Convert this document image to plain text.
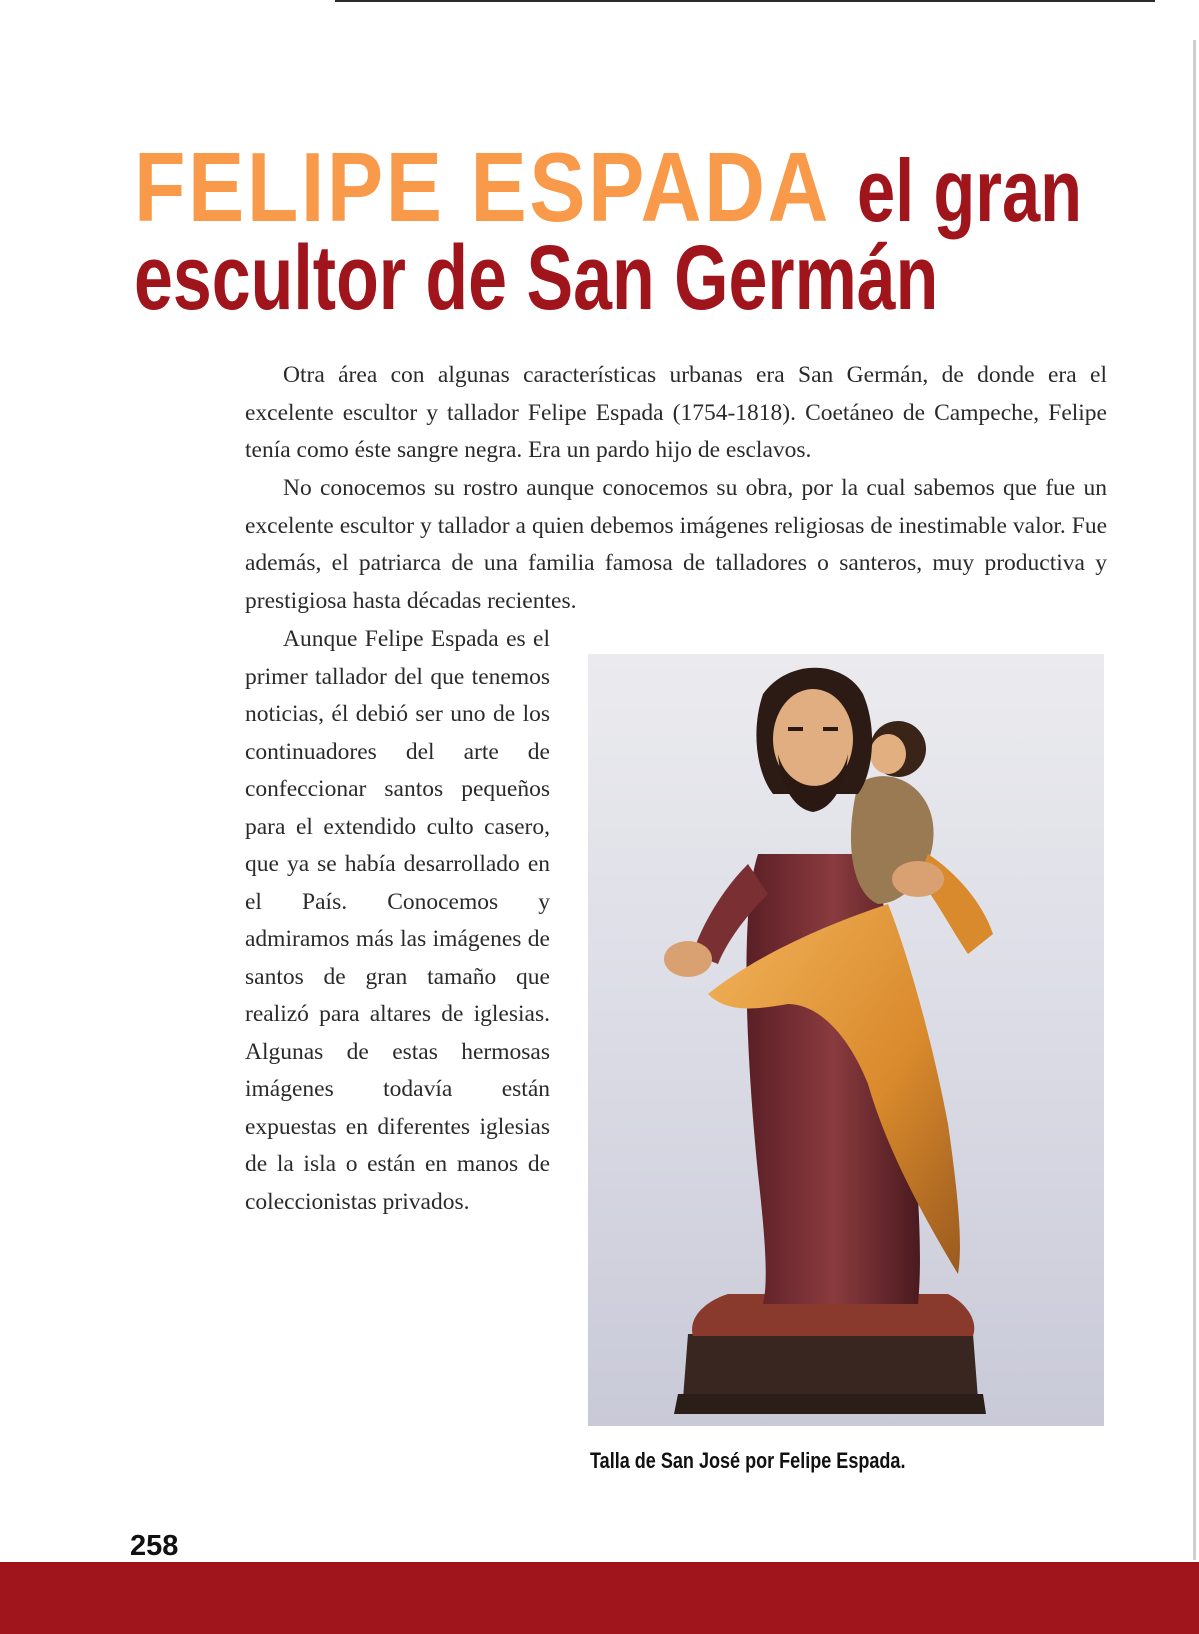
FELIPE ESPADA el gran
escultor de San Germán

Otra área con algunas características urbanas era San Germán, de donde era el excelente escultor y tallador Felipe Espada (1754-1818). Coetáneo de Campeche, Felipe tenía como éste sangre negra. Era un pardo hijo de esclavos.

No conocemos su rostro aunque conocemos su obra, por la cual sabemos que fue un excelente escultor y tallador a quien debemos imágenes religiosas de inestimable valor. Fue además, el patriarca de una familia famosa de talladores o santeros, muy productiva y prestigiosa hasta décadas recientes.

Aunque Felipe Espada es el primer tallador del que tenemos noticias, él debió ser uno de los continuadores del arte de confeccionar santos pequeños para el extendido culto casero, que ya se había desarrollado en el País. Conocemos y admiramos más las imágenes de santos de gran tamaño que realizó para altares de iglesias. Algunas de estas hermosas imágenes todavía están expuestas en diferentes iglesias de la isla o están en manos de coleccionistas privados.

Talla de San José por Felipe Espada.
258
